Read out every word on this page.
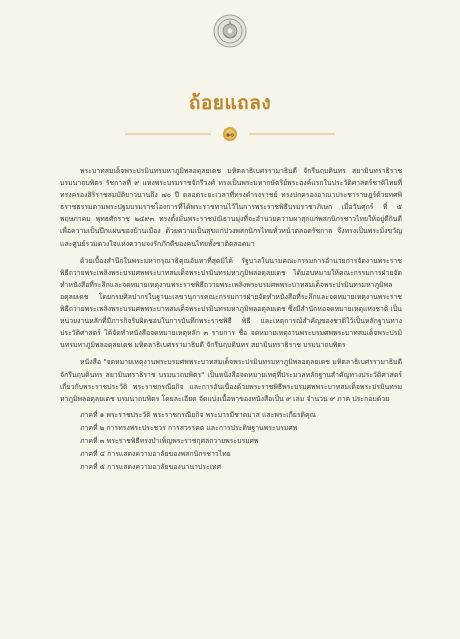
ถ้อยแถลง
๑๐

พระบาทสมเด็จพระปรมินทรมหาภูมิพลอดุลยเดช มหิตลาธิเบศรรามาธิบดี จักรีนฤบดินทร สยามินทราธิราช บรมนาถบพิตร รัชกาลที่ ๙ แห่งพระบรมราชจักรีวงศ์ ทรงเป็นพระมหากษัตริย์พระองค์แรกในประวัติศาสตร์ชาติไทยที่ทรงครองสิริราชสมบัติยาวนานถึง ๗๐ ปี ตลอดระยะเวลาที่ทรงดำรงราชย์ ทรงปกครองอาณาประชาราษฎร์ด้วยทศพิธราชธรรมตามพระปฐมบรมราชโองการที่ได้พระราชทานไว้ในการพระราชพิธีบรมราชาภิเษก เมื่อวันศุกร์ ที่ ๕ พฤษภาคม พุทธศักราช ๒๔๙๓ ทรงตั้งมั่นพระราชปณิธานมุ่งที่จะอำนวยความผาสุกแก่พสกนิกรชาวไทยให้อยู่ดีกินดี เพื่อความเป็นปึกแผ่นของบ้านเมือง ด้วยความเป็นสุขแก่ปวงพสกนิกรไทยทั่วหน้าตลอดรัชกาล จึงทรงเป็นพระมิ่งขวัญและศูนย์รวมดวงใจแห่งความจงรักภักดีของคนไทยทั้งชาติตลอดมา

ด้วยเบื้องสำนึกในพระมหากรุณาธิคุณอันหาที่สุดมิได้ รัฐบาลในนามคณะกรรมการอำนวยการจัดงานพระราชพิธีถวายพระเพลิงพระบรมศพพระบาทสมเด็จพระปรมินทรมหาภูมิพลอดุลยเดช ได้มอบหมายให้คณะกรรมการฝ่ายจัดทำหนังสือที่ระลึกและจดหมายเหตุงานพระราชพิธีถวายพระเพลิงพระบรมศพพระบาทสมเด็จพระปรมินทรมหาภูมิพลอดุลยเดช โดยกรมศิลปากรในฐานะเลขานุการคณะกรรมการฝ่ายจัดทำหนังสือที่ระลึกและจดหมายเหตุงานพระราชพิธีถวายพระเพลิงพระบรมศพพระบาทสมเด็จพระปรมินทรมหาภูมิพลอดุลยเดช ซึ่งมีสำนักหอจดหมายเหตุแห่งชาติ เป็นหน่วยงานหลักที่มีภารกิจรับผิดชอบในการบันทึกพระราชพิธี พิธี และเหตุการณ์สำคัญของชาติไว้เป็นหลักฐานทางประวัติศาสตร์ ได้จัดทำหนังสือจดหมายเหตุหลัก ๓ รายการ ชื่อ จดหมายเหตุงานพระบรมศพพระบาทสมเด็จพระปรมินทรมหาภูมิพลอดุลยเดช มหิตลาธิเบศรรามาธิบดี จักรีนฤบดินทร สยามินทราธิราช บรมนาถบพิตร

หนังสือ "จดหมายเหตุงานพระบรมศพพระบาทสมเด็จพระปรมินทรมหาภูมิพลอดุลยเดช มหิตลาธิเบศรรามาธิบดี จักรีนฤบดินทร สยามินทราธิราช บรมนาถบพิตร" เป็นหนังสือจดหมายเหตุที่ประมวลหลักฐานสำคัญทางประวัติศาสตร์เกี่ยวกับพระราชประวัติ พระราชกรณียกิจ และการอันเนื่องด้วยพระราชพิธีพระบรมศพพระบาทสมเด็จพระปรมินทรมหาภูมิพลอดุลยเดช บรมนาถบพิตร โดยละเอียด จัดแบ่งเนื้อหาของหนังสือเป็น ๙ เล่ม จำนวน ๙ ภาค ประกอบด้วย

ภาคที่ ๑ พระราชประวัติ พระราชกรณียกิจ พระบารมีชาตมาส และพระเกียรติคุณ
ภาคที่ ๒ การทรงพระประชวร การสวรรคต และการประดิษฐานพระบรมศพ
ภาคที่ ๓ พระราชพิธีทรงบำเพ็ญพระราชกุศลถวายพระบรมศพ
ภาคที่ ๔ การแสดงความอาลัยของพสกนิกรชาวไทย
ภาคที่ ๕ การแสดงความอาลัยของนานาประเทศ
